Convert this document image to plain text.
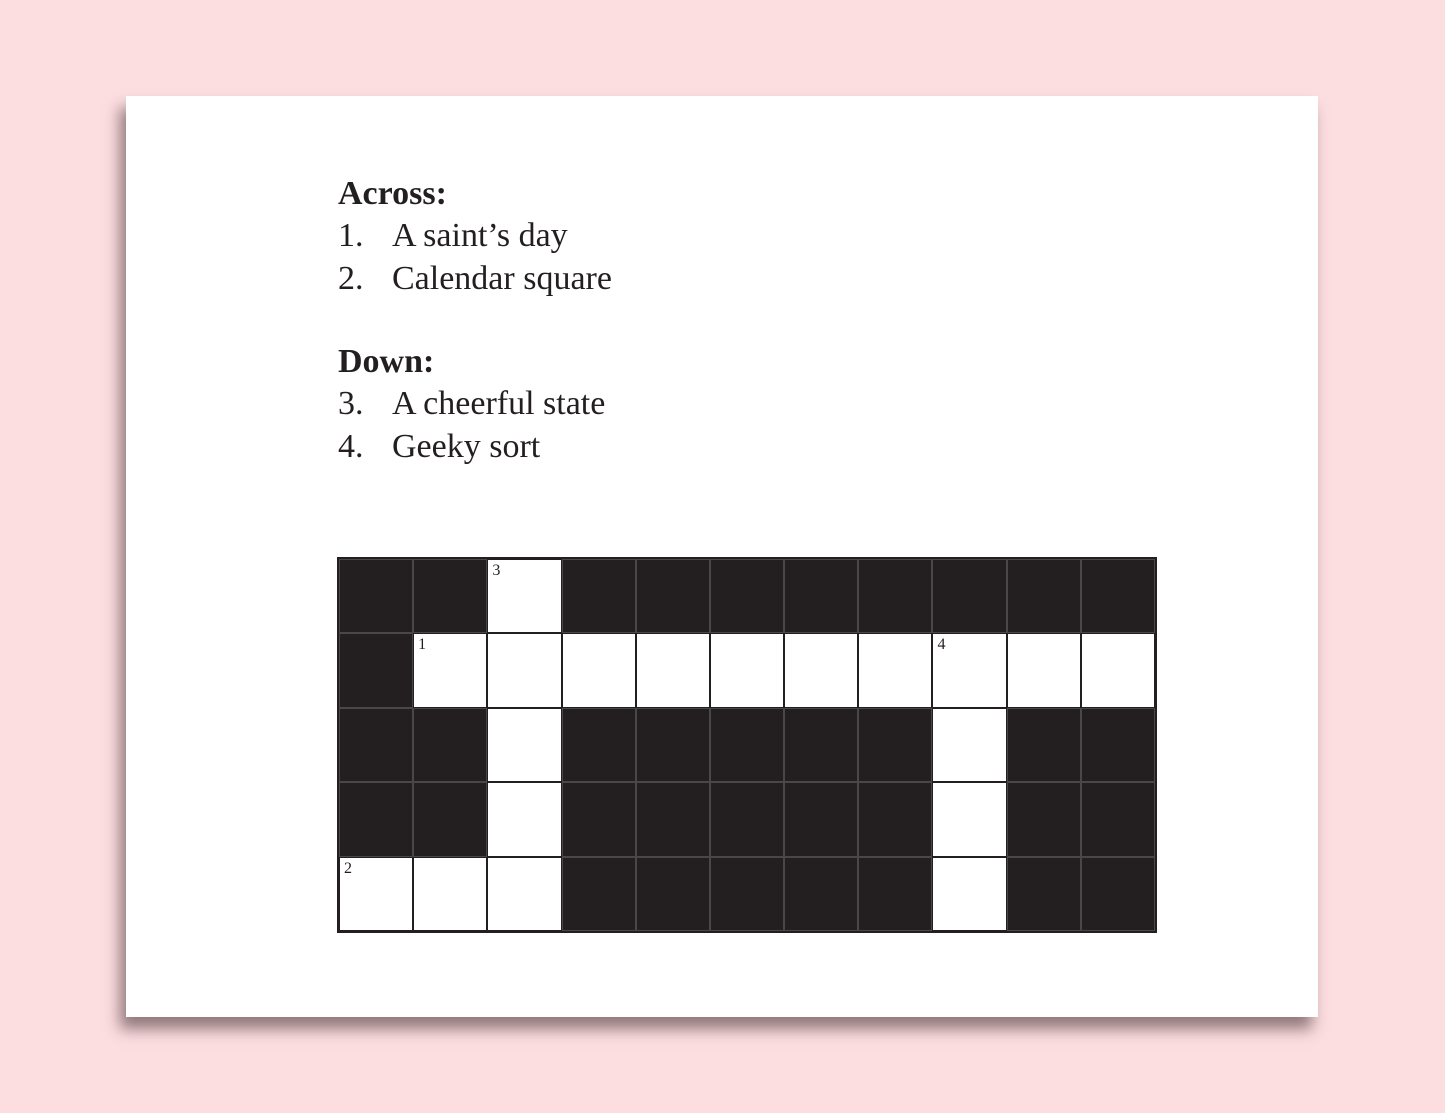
Across:
1. A saint’s day
2. Calendar square
Down:
3. A cheerful state
4. Geeky sort
3
1	4
2
